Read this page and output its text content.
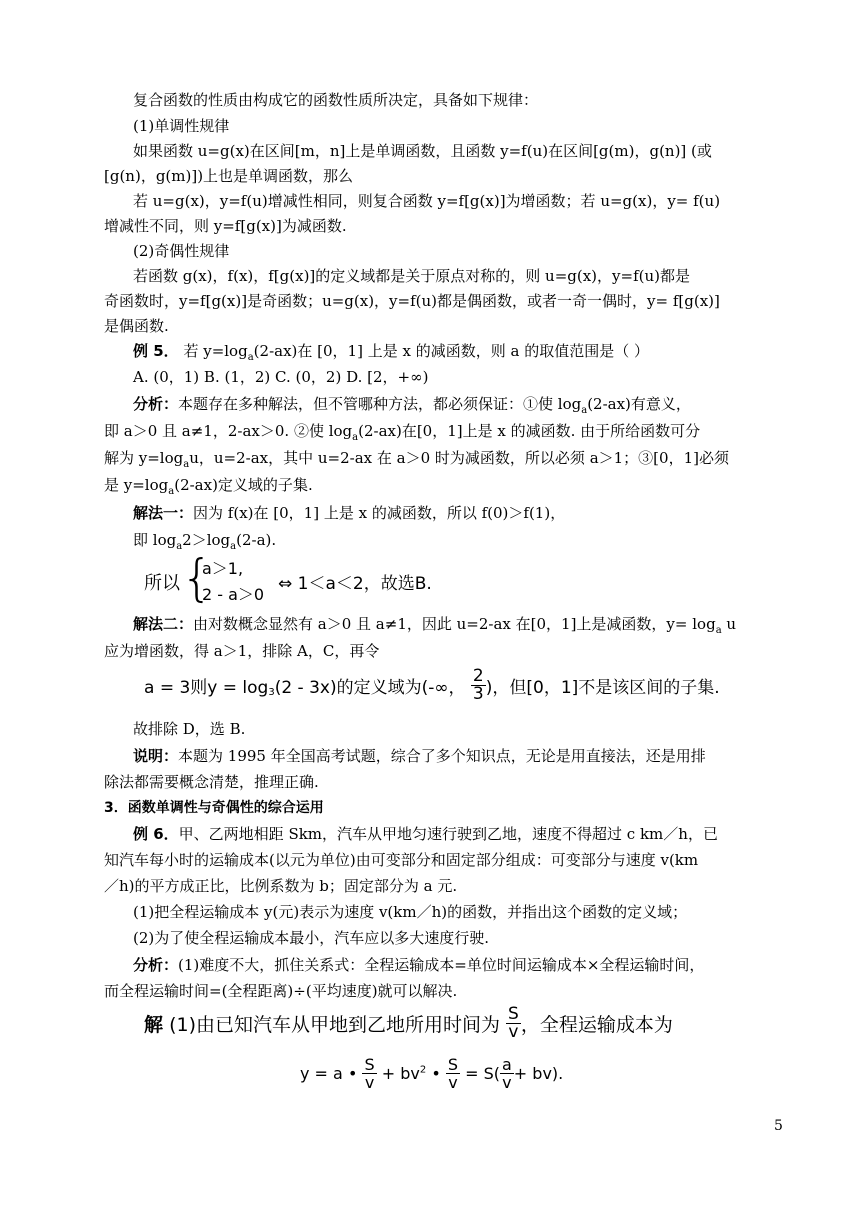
复合函数的性质由构成它的函数性质所决定，具备如下规律：
(1)单调性规律
如果函数 u=g(x)在区间[m，n]上是单调函数，且函数 y=f(u)在区间[g(m)，g(n)] (或
[g(n)，g(m)])上也是单调函数，那么
若 u=g(x)，y=f(u)增减性相同，则复合函数 y=f[g(x)]为增函数；若 u=g(x)，y= f(u)
增减性不同，则 y=f[g(x)]为减函数.
(2)奇偶性规律
若函数 g(x)，f(x)，f[g(x)]的定义域都是关于原点对称的，则 u=g(x)，y=f(u)都是
奇函数时，y=f[g(x)]是奇函数；u=g(x)，y=f(u)都是偶函数，或者一奇一偶时，y= f[g(x)]
是偶函数.
例 5． 若 $y=\log_a(2-ax)$在 [0，1] 上是 x 的减函数，则 a 的取值范围是（ ）
A. (0，1) B. (1，2) C. (0，2) D. [2，+∞)
分析：本题存在多种解法，但不管哪种方法，都必须保证：①使 $\log_a(2-ax)$有意义，
即 a＞0 且 a≠1，2-ax＞0. ②使 $\log_a(2-ax)$在[0，1]上是 x 的减函数. 由于所给函数可分
解为 $y=\log_au$，u=2-ax，其中 u=2-ax 在 a＞0 时为减函数，所以必须 a＞1；③[0，1]必须
是 $y=\log_a(2-ax)$定义域的子集.
解法一：因为 f(x)在 [0，1] 上是 x 的减函数，所以 f(0)＞f(1)，
即 $\log_a2>\log_a(2-a)$.
所以 {
a＞1,
2 - a＞0
⇔ 1＜a＜2，故选B.
解法二：由对数概念显然有 a＞0 且 a≠1，因此 u=2-ax 在[0，1]上是减函数，$y= \log_a u$
应为增函数，得 a＞1，排除 A，C，再令
a = 3则$y = \log_3(2 - 3x)$的定义域为(-∞， $\frac{2}{3}$ )，但[0，1]不是该区间的子集.
故排除 D，选 B.
说明：本题为 1995 年全国高考试题，综合了多个知识点，无论是用直接法，还是用排
除法都需要概念清楚，推理正确.
3．函数单调性与奇偶性的综合运用
例 6．甲、乙两地相距 Skm，汽车从甲地匀速行驶到乙地，速度不得超过 c km／h，已
知汽车每小时的运输成本(以元为单位)由可变部分和固定部分组成：可变部分与速度 v(km
／h)的平方成正比，比例系数为 b；固定部分为 a 元.
(1)把全程运输成本 y(元)表示为速度 v(km／h)的函数，并指出这个函数的定义域；
(2)为了使全程运输成本最小，汽车应以多大速度行驶.
分析：(1)难度不大，抓住关系式：全程运输成本=单位时间运输成本×全程运输时间，
而全程运输时间=(全程距离)÷(平均速度)就可以解决.
解 (1)由已知汽车从甲地到乙地所用时间为 $\frac{S}{v}$ ，全程运输成本为
y = a • $\frac{S}{v} + bv^2$ • $\frac{S}{v} = S( \frac{a}{v} + bv)$.
5
